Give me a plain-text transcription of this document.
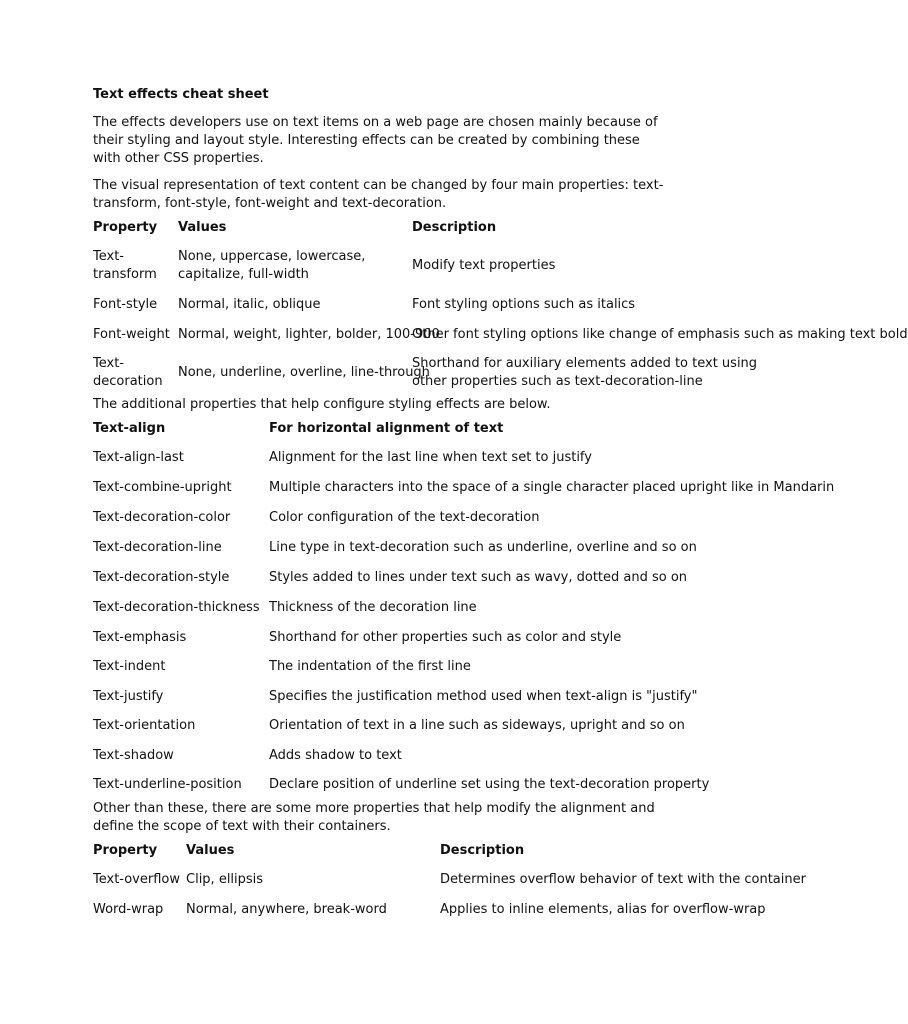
Text effects cheat sheet

The effects developers use on text items on a web page are chosen mainly because of their styling and layout style. Interesting effects can be created by combining these with other CSS properties.

The visual representation of text content can be changed by four main properties: text-transform, font-style, font-weight and text-decoration.

Property	Values	Description
Text-transform	None, uppercase, lowercase, capitalize, full-width	Modify text properties
Font-style	Normal, italic, oblique	Font styling options such as italics
Font-weight	Normal, weight, lighter, bolder, 100-900	Other font styling options like change of emphasis such as making text bold
Text-decoration	None, underline, overline, line-through	Shorthand for auxiliary elements added to text using other properties such as text-decoration-line

The additional properties that help configure styling effects are below.

Text-align	For horizontal alignment of text
Text-align-last	Alignment for the last line when text set to justify
Text-combine-upright	Multiple characters into the space of a single character placed upright like in Mandarin
Text-decoration-color	Color configuration of the text-decoration
Text-decoration-line	Line type in text-decoration such as underline, overline and so on
Text-decoration-style	Styles added to lines under text such as wavy, dotted and so on
Text-decoration-thickness	Thickness of the decoration line
Text-emphasis	Shorthand for other properties such as color and style
Text-indent	The indentation of the first line
Text-justify	Specifies the justification method used when text-align is "justify"
Text-orientation	Orientation of text in a line such as sideways, upright and so on
Text-shadow	Adds shadow to text
Text-underline-position	Declare position of underline set using the text-decoration property

Other than these, there are some more properties that help modify the alignment and define the scope of text with their containers.

Property	Values	Description
Text-overflow	Clip, ellipsis	Determines overflow behavior of text with the container
Word-wrap	Normal, anywhere, break-word	Applies to inline elements, alias for overflow-wrap
